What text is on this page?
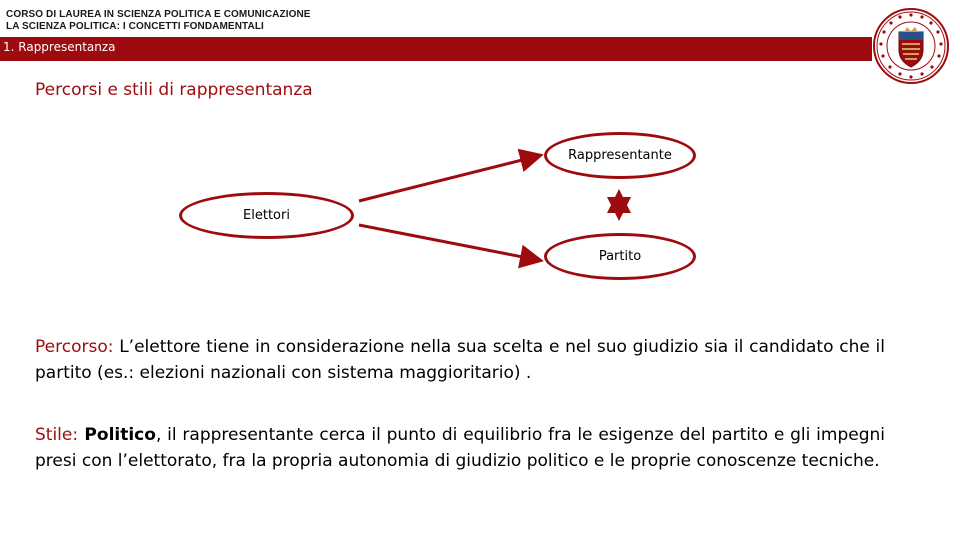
CORSO DI LAUREA IN SCIENZA POLITICA E COMUNICAZIONE
LA SCIENZA POLITICA: I CONCETTI FONDAMENTALI
1. Rappresentanza
Percorsi e stili di rappresentanza
Elettori
Rappresentante
Partito
Percorso: L’elettore tiene in considerazione nella sua scelta e nel suo giudizio sia il candidato che il partito (es.: elezioni nazionali con sistema maggioritario) .
Stile: Politico, il rappresentante cerca il punto di equilibrio fra le esigenze del partito e gli impegni presi con l’elettorato, fra la propria autonomia di giudizio politico e le proprie conoscenze tecniche.
